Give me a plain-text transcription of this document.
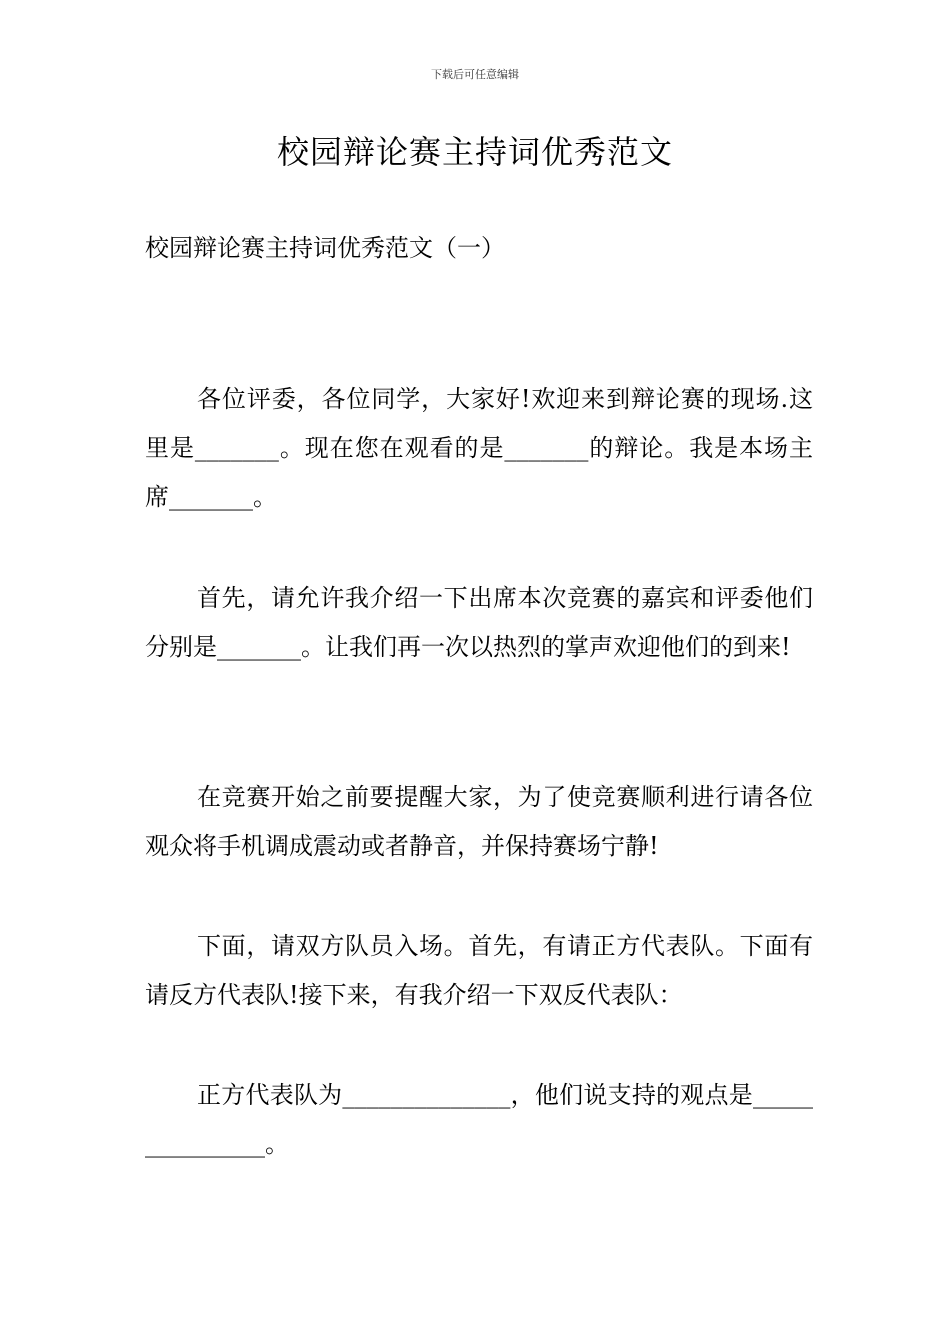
下载后可任意编辑
校园辩论赛主持词优秀范文
校园辩论赛主持词优秀范文（一）

各位评委，各位同学，大家好!欢迎来到辩论赛的现场.这里是_______。现在您在观看的是_______的辩论。我是本场主席_______。

首先，请允许我介绍一下出席本次竞赛的嘉宾和评委他们分别是_______。让我们再一次以热烈的掌声欢迎他们的到来!

在竞赛开始之前要提醒大家，为了使竞赛顺利进行请各位观众将手机调成震动或者静音，并保持赛场宁静!

下面，请双方队员入场。首先，有请正方代表队。下面有请反方代表队!接下来，有我介绍一下双反代表队：

正方代表队为______________，他们说支持的观点是_______________。
